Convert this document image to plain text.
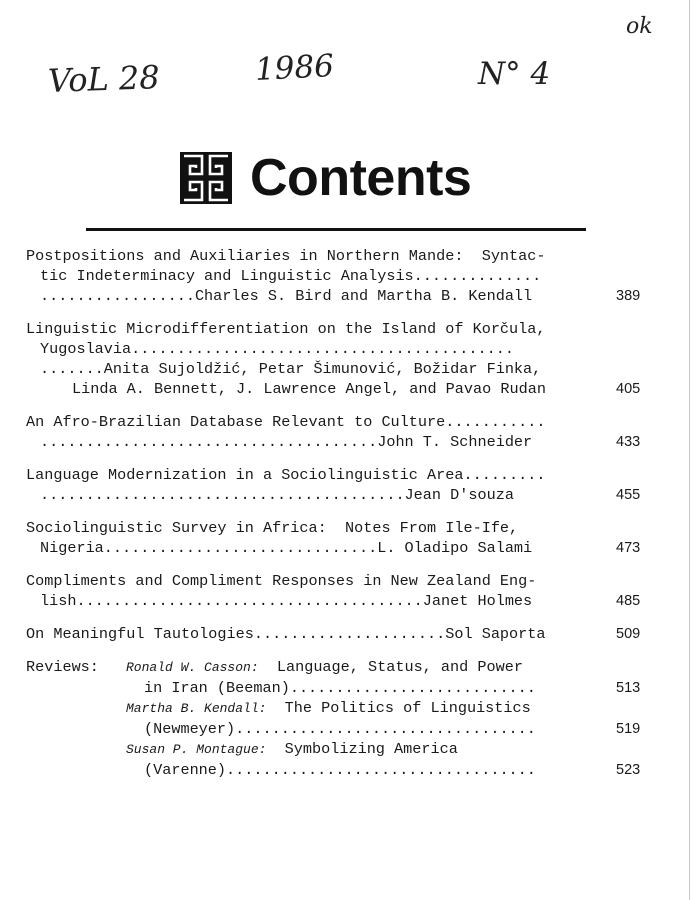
ok
VoL 28	1986	N° 4
Contents
Postpositions and Auxiliaries in Northern Mande:  Syntac-
tic Indeterminacy and Linguistic Analysis..............
.................Charles S. Bird and Martha B. Kendall	389
Linguistic Microdifferentiation on the Island of Korčula,
Yugoslavia..........................................
.......Anita Sujoldžić, Petar Šimunović, Božidar Finka,
Linda A. Bennett, J. Lawrence Angel, and Pavao Rudan	405
An Afro-Brazilian Database Relevant to Culture...........
.....................................John T. Schneider	433
Language Modernization in a Sociolinguistic Area.........
........................................Jean D'souza	455
Sociolinguistic Survey in Africa:  Notes From Ile-Ife,
Nigeria..............................L. Oladipo Salami	473
Compliments and Compliment Responses in New Zealand Eng-
lish......................................Janet Holmes	485
On Meaningful Tautologies.....................Sol Saporta	509
Reviews: Ronald W. Casson: Language, Status, and Power
in Iran (Beeman)...........................	513
Martha B. Kendall: The Politics of Linguistics
(Newmeyer).................................	519
Susan P. Montague: Symbolizing America
(Varenne)..................................	523
